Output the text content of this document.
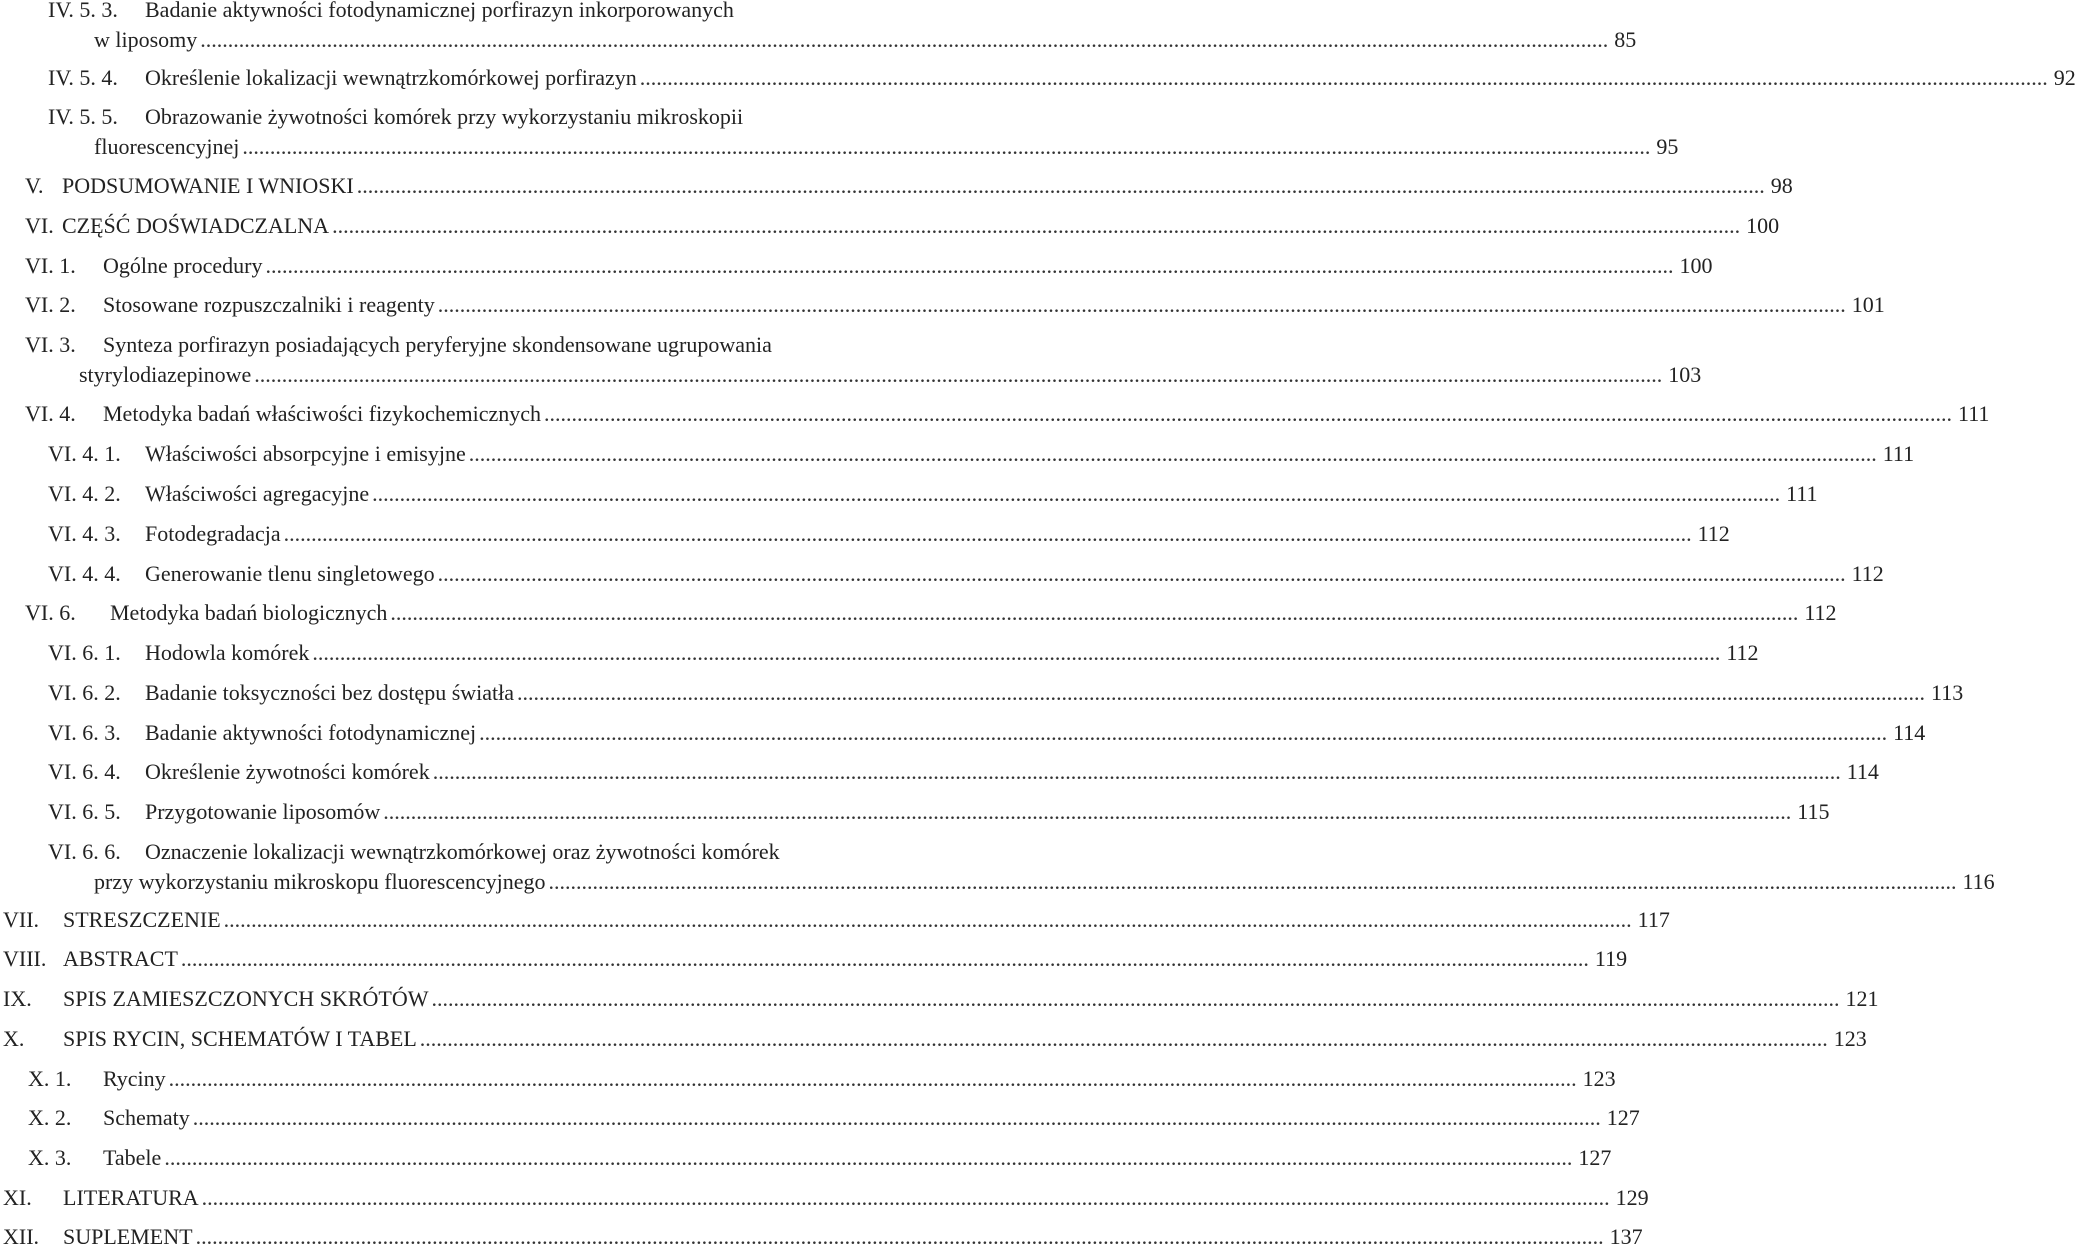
IV. 5. 3.	Badanie aktywności fotodynamicznej porfirazyn inkorporowanych
w liposomy ................................................................................................................................................................................................................................................................ 85
IV. 5. 4.	Określenie lokalizacji wewnątrzkomórkowej porfirazyn ................................................................................................................................................................................................................................................................ 92
IV. 5. 5.	Obrazowanie żywotności komórek przy wykorzystaniu mikroskopii
fluorescencyjnej ................................................................................................................................................................................................................................................................ 95
V. PODSUMOWANIE I WNIOSKI ................................................................................................................................................................................................................................................................ 98
VI. CZĘŚĆ DOŚWIADCZALNA ................................................................................................................................................................................................................................................................ 100
VI. 1.	Ogólne procedury ................................................................................................................................................................................................................................................................ 100
VI. 2.	Stosowane rozpuszczalniki i reagenty ................................................................................................................................................................................................................................................................ 101
VI. 3.	Synteza porfirazyn posiadających peryferyjne skondensowane ugrupowania
styrylodiazepinowe ................................................................................................................................................................................................................................................................ 103
VI. 4.	Metodyka badań właściwości fizykochemicznych ................................................................................................................................................................................................................................................................ 111
VI. 4. 1.	Właściwości absorpcyjne i emisyjne ................................................................................................................................................................................................................................................................ 111
VI. 4. 2.	Właściwości agregacyjne ................................................................................................................................................................................................................................................................ 111
VI. 4. 3.	Fotodegradacja ................................................................................................................................................................................................................................................................ 112
VI. 4. 4.	Generowanie tlenu singletowego ................................................................................................................................................................................................................................................................ 112
VI. 6.	Metodyka badań biologicznych ................................................................................................................................................................................................................................................................ 112
VI. 6. 1.	Hodowla komórek ................................................................................................................................................................................................................................................................ 112
VI. 6. 2.	Badanie toksyczności bez dostępu światła ................................................................................................................................................................................................................................................................ 113
VI. 6. 3.	Badanie aktywności fotodynamicznej ................................................................................................................................................................................................................................................................ 114
VI. 6. 4.	Określenie żywotności komórek ................................................................................................................................................................................................................................................................ 114
VI. 6. 5.	Przygotowanie liposomów ................................................................................................................................................................................................................................................................ 115
VI. 6. 6.	Oznaczenie lokalizacji wewnątrzkomórkowej oraz żywotności komórek
przy wykorzystaniu mikroskopu fluorescencyjnego ................................................................................................................................................................................................................................................................ 116
VII.	STRESZCZENIE ................................................................................................................................................................................................................................................................ 117
VIII. ABSTRACT ................................................................................................................................................................................................................................................................ 119
IX.	SPIS ZAMIESZCZONYCH SKRÓTÓW ................................................................................................................................................................................................................................................................ 121
X.	SPIS RYCIN, SCHEMATÓW I TABEL ................................................................................................................................................................................................................................................................ 123
X. 1.	Ryciny ................................................................................................................................................................................................................................................................ 123
X. 2.	Schematy ................................................................................................................................................................................................................................................................ 127
X. 3.	Tabele ................................................................................................................................................................................................................................................................ 127
XI.	LITERATURA ................................................................................................................................................................................................................................................................ 129
XII.	SUPLEMENT ................................................................................................................................................................................................................................................................ 137
